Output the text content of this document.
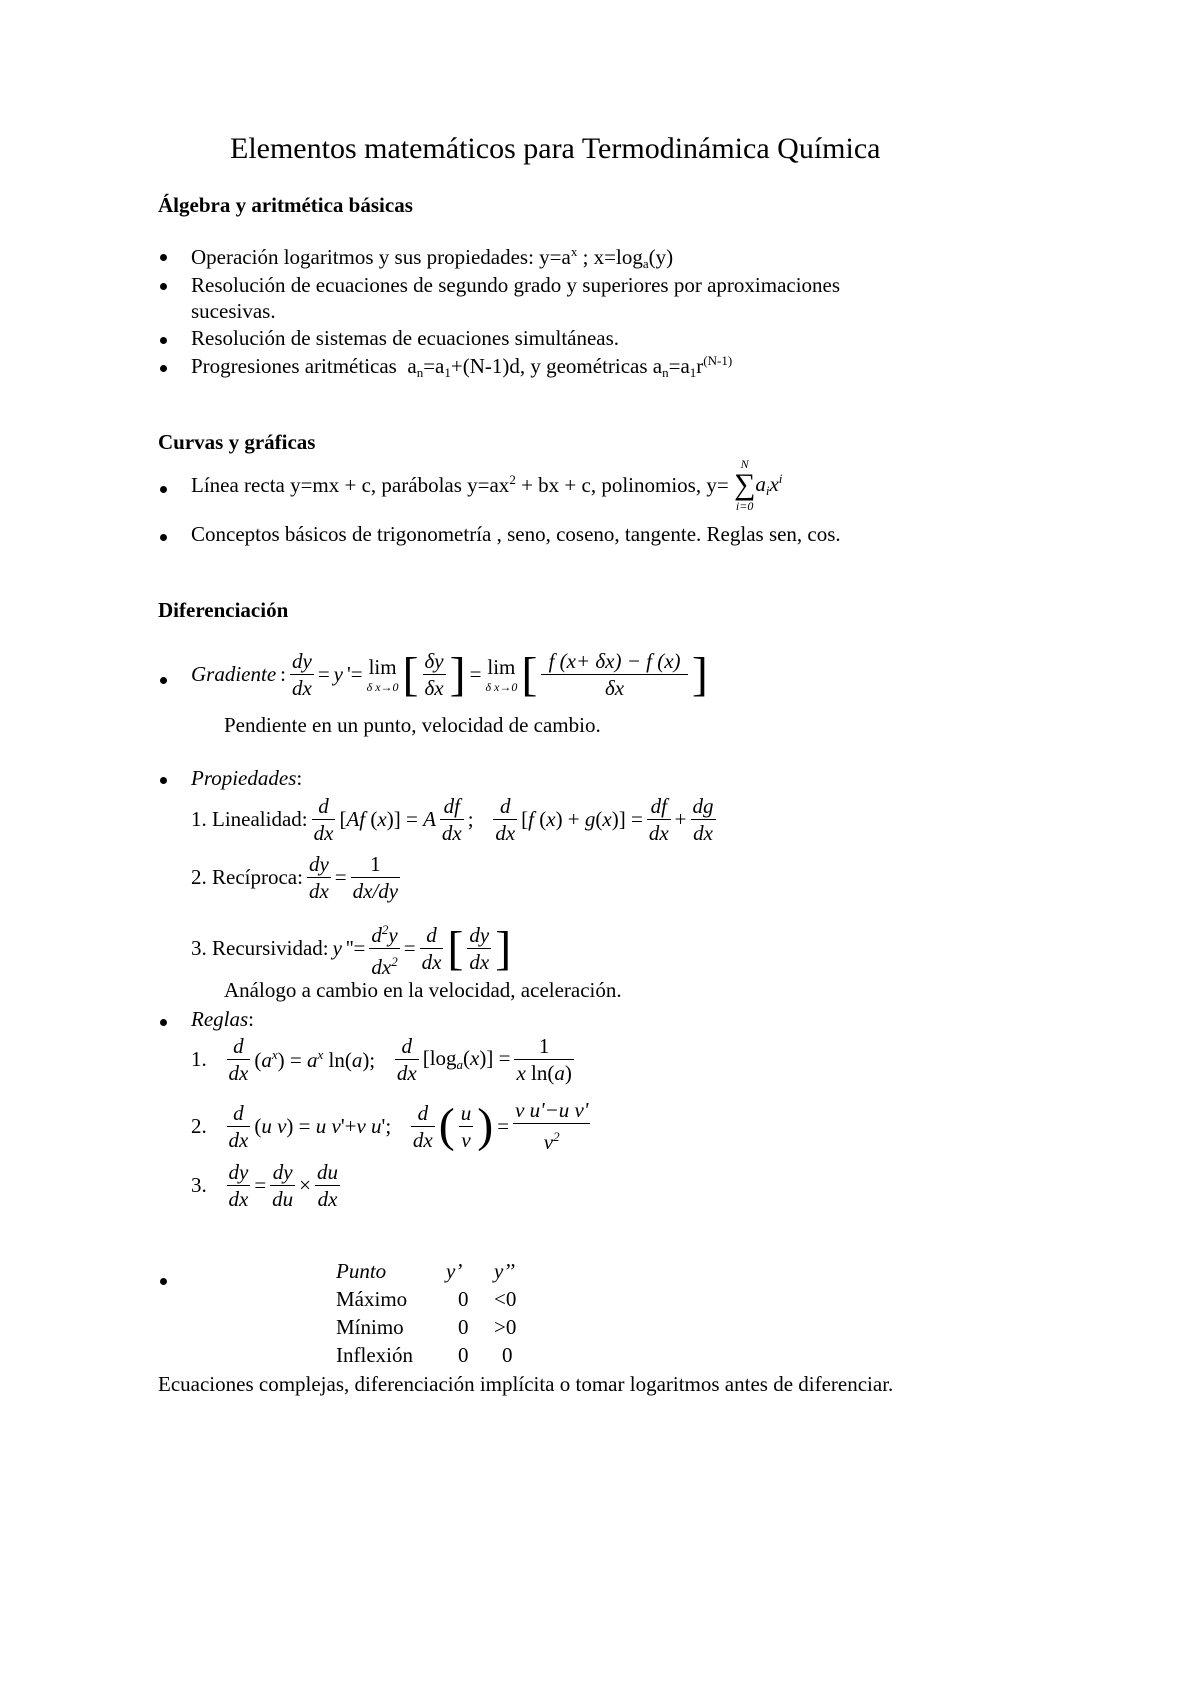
Elementos matemáticos para Termodinámica Química
Álgebra y aritmética básicas
Operación logaritmos y sus propiedades: $y=a^x$ ; $x=\log_a(y)$
Resolución de ecuaciones de segundo grado y superiores por aproximaciones
sucesivas.
Resolución de sistemas de ecuaciones simultáneas.
Progresiones aritméticas  $a_n=a_1+(N-1)d$, y geométricas $a_n=a_1r^{(N-1)}$
Curvas y gráficas
Línea recta y=mx + c, parábolas $y=ax^2$ + bx + c, polinomios, y=
N
∑
i=0
$a_ix^i$
Conceptos básicos de trigonometría , seno, coseno, tangente. Reglas sen, cos.
Diferenciación
Gradiente : $\frac{dy}{dx} = y$ '= lim
δ x→0 [ $\frac{\delta y}{\delta x}$ ] = lim
δ x→0 [ $\frac{f (x+ \delta x) - f (x)}{\delta x}$ ]
Pendiente en un punto, velocidad de cambio.
Propiedades:
1. Linealidad: $\frac{d}{dx} [Af$ (x)] = A $\frac{df}{dx}$ ; $\frac{d}{dx} [f$ $(x) + g(x)] = \frac{df}{dx} + \frac{dg}{dx}$
2. Recíproca: $\frac{dy}{dx} = \frac{1}{dx/dy}$
3. Recursividad: y ''= $\frac{d^2y}{dx^2} = \frac{d}{dx}$ [ $\frac{dy}{dx}$ ]
Análogo a cambio en la velocidad, aceleración.
Reglas:
1. $\frac{d}{dx} (a^x) = a^x$ ln(a); $\frac{d}{dx} [\log_a(x)] = \frac{1}{\text{x ln(a)}}$
2. $\frac{d}{dx} (u$ v) = u v'+v u'; $\frac{d}{dx}$ ( $\frac{u}{v}$ ) = $\frac{\text{v u'−u v'}}{v^2}$
3. $\frac{dy}{dx} = \frac{dy}{du} \times \frac{du}{dx}$
Punto	y’	y’’
Máximo	0	<0
Mínimo	0	>0
Inflexión	0	0
Ecuaciones complejas, diferenciación implícita o tomar logaritmos antes de diferenciar.
